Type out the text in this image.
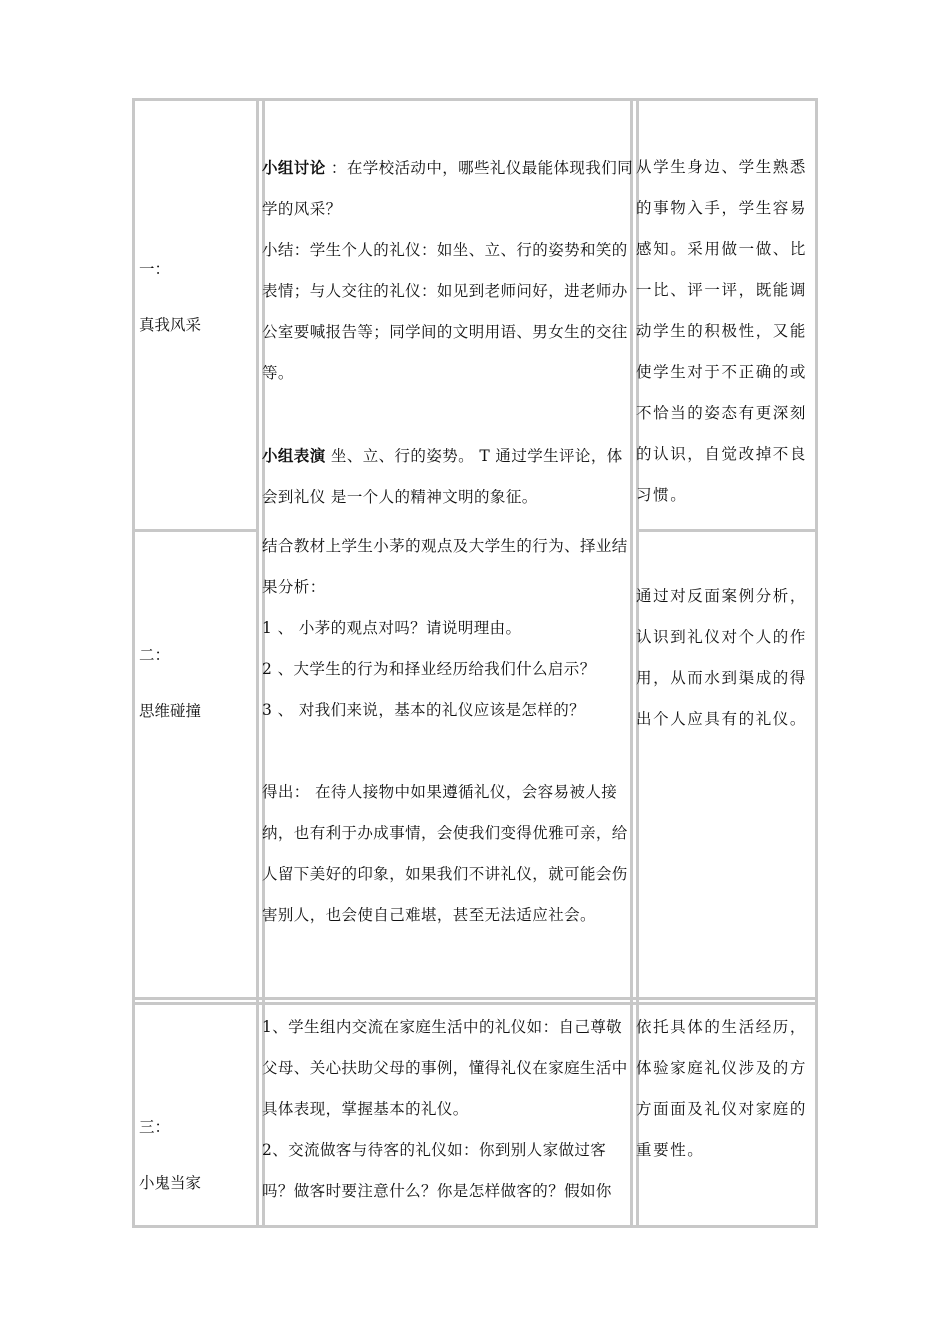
一：

真我风采

小组讨论 ：在学校活动中，哪些礼仪最能体现我们同学的风采？

小结：学生个人的礼仪：如坐、立、行的姿势和笑的表情；与人交往的礼仪：如见到老师问好，进老师办公室要喊报告等；同学间的文明用语、男女生的交往等。

小组表演 坐、立、行的姿势。 T 通过学生评论，体会到礼仪 是一个人的精神文明的象征。

从学生身边、学生熟悉的事物入手，学生容易感知。采用做一做、比一比、评一评，既能调动学生的积极性，又能使学生对于不正确的或不恰当的姿态有更深刻的认识，自觉改掉不良习惯。

二：

思维碰撞

结合教材上学生小茅的观点及大学生的行为、择业结果分析：

1 、 小茅的观点对吗？请说明理由。

2 、大学生的行为和择业经历给我们什么启示？

3 、 对我们来说，基本的礼仪应该是怎样的？

得出： 在待人接物中如果遵循礼仪，会容易被人接纳，也有利于办成事情，会使我们变得优雅可亲，给人留下美好的印象，如果我们不讲礼仪，就可能会伤害别人，也会使自己难堪，甚至无法适应社会。

通过对反面案例分析，认识到礼仪对个人的作用，从而水到渠成的得出个人应具有的礼仪。

三：

小鬼当家

1、学生组内交流在家庭生活中的礼仪如：自己尊敬父母、关心扶助父母的事例，懂得礼仪在家庭生活中具体表现，掌握基本的礼仪。

2、交流做客与待客的礼仪如：你到别人家做过客吗？做客时要注意什么？你是怎样做客的？假如你

依托具体的生活经历，体验家庭礼仪涉及的方方面面及礼仪对家庭的重要性。
